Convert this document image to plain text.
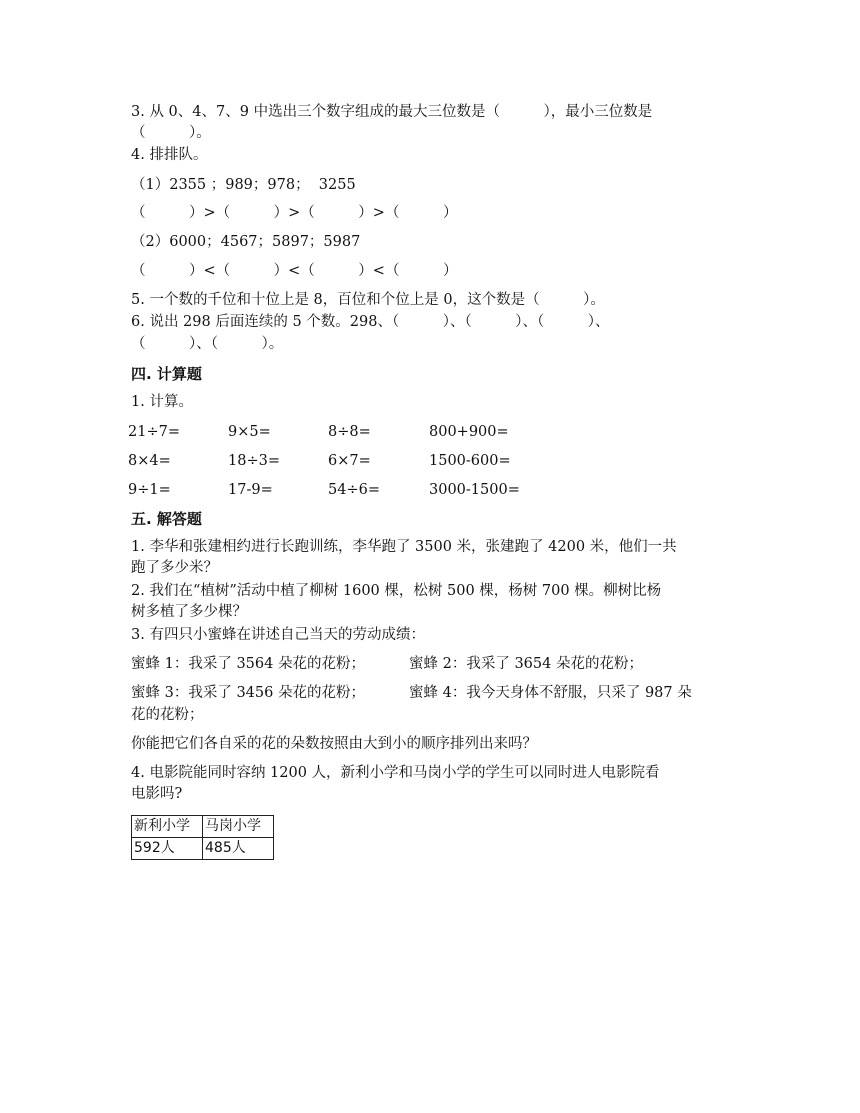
3. 从 0、4、7、9 中选出三个数字组成的最大三位数是（　　　），最小三位数是
（　　　）。
4. 排排队。
（1）2355 ；989；978；  3255
（　　　）>（　　　）>（　　　）>（　　　）
（2）6000；4567；5897；5987
（　　　）<（　　　）<（　　　）<（　　　）
5. 一个数的千位和十位上是 8，百位和个位上是 0，这个数是（　　　）。
6. 说出 298 后面连续的 5 个数。298、（　　　）、（　　　）、（　　　）、
（　　　）、（　　　）。
四. 计算题
1. 计算。
21÷7=	9×5=	8÷8=	800+900=
8×4=	18÷3=	6×7=	1500-600=
9÷1=	17-9=	54÷6=	3000-1500=
五. 解答题
1. 李华和张建相约进行长跑训练，李华跑了 3500 米，张建跑了 4200 米，他们一共
跑了多少米？
2. 我们在“植树”活动中植了柳树 1600 棵，松树 500 棵，杨树 700 棵。柳树比杨
树多植了多少棵？
3. 有四只小蜜蜂在讲述自己当天的劳动成绩：
蜜蜂 1：我采了 3564 朵花的花粉；	蜜蜂 2：我采了 3654 朵花的花粉；
蜜蜂 3：我采了 3456 朵花的花粉；	蜜蜂 4：我今天身体不舒服，只采了 987 朵
花的花粉；
你能把它们各自采的花的朵数按照由大到小的顺序排列出来吗？
4. 电影院能同时容纳 1200 人，新利小学和马岗小学的学生可以同时进人电影院看
电影吗?
新利小学	马岗小学
592人	485人
